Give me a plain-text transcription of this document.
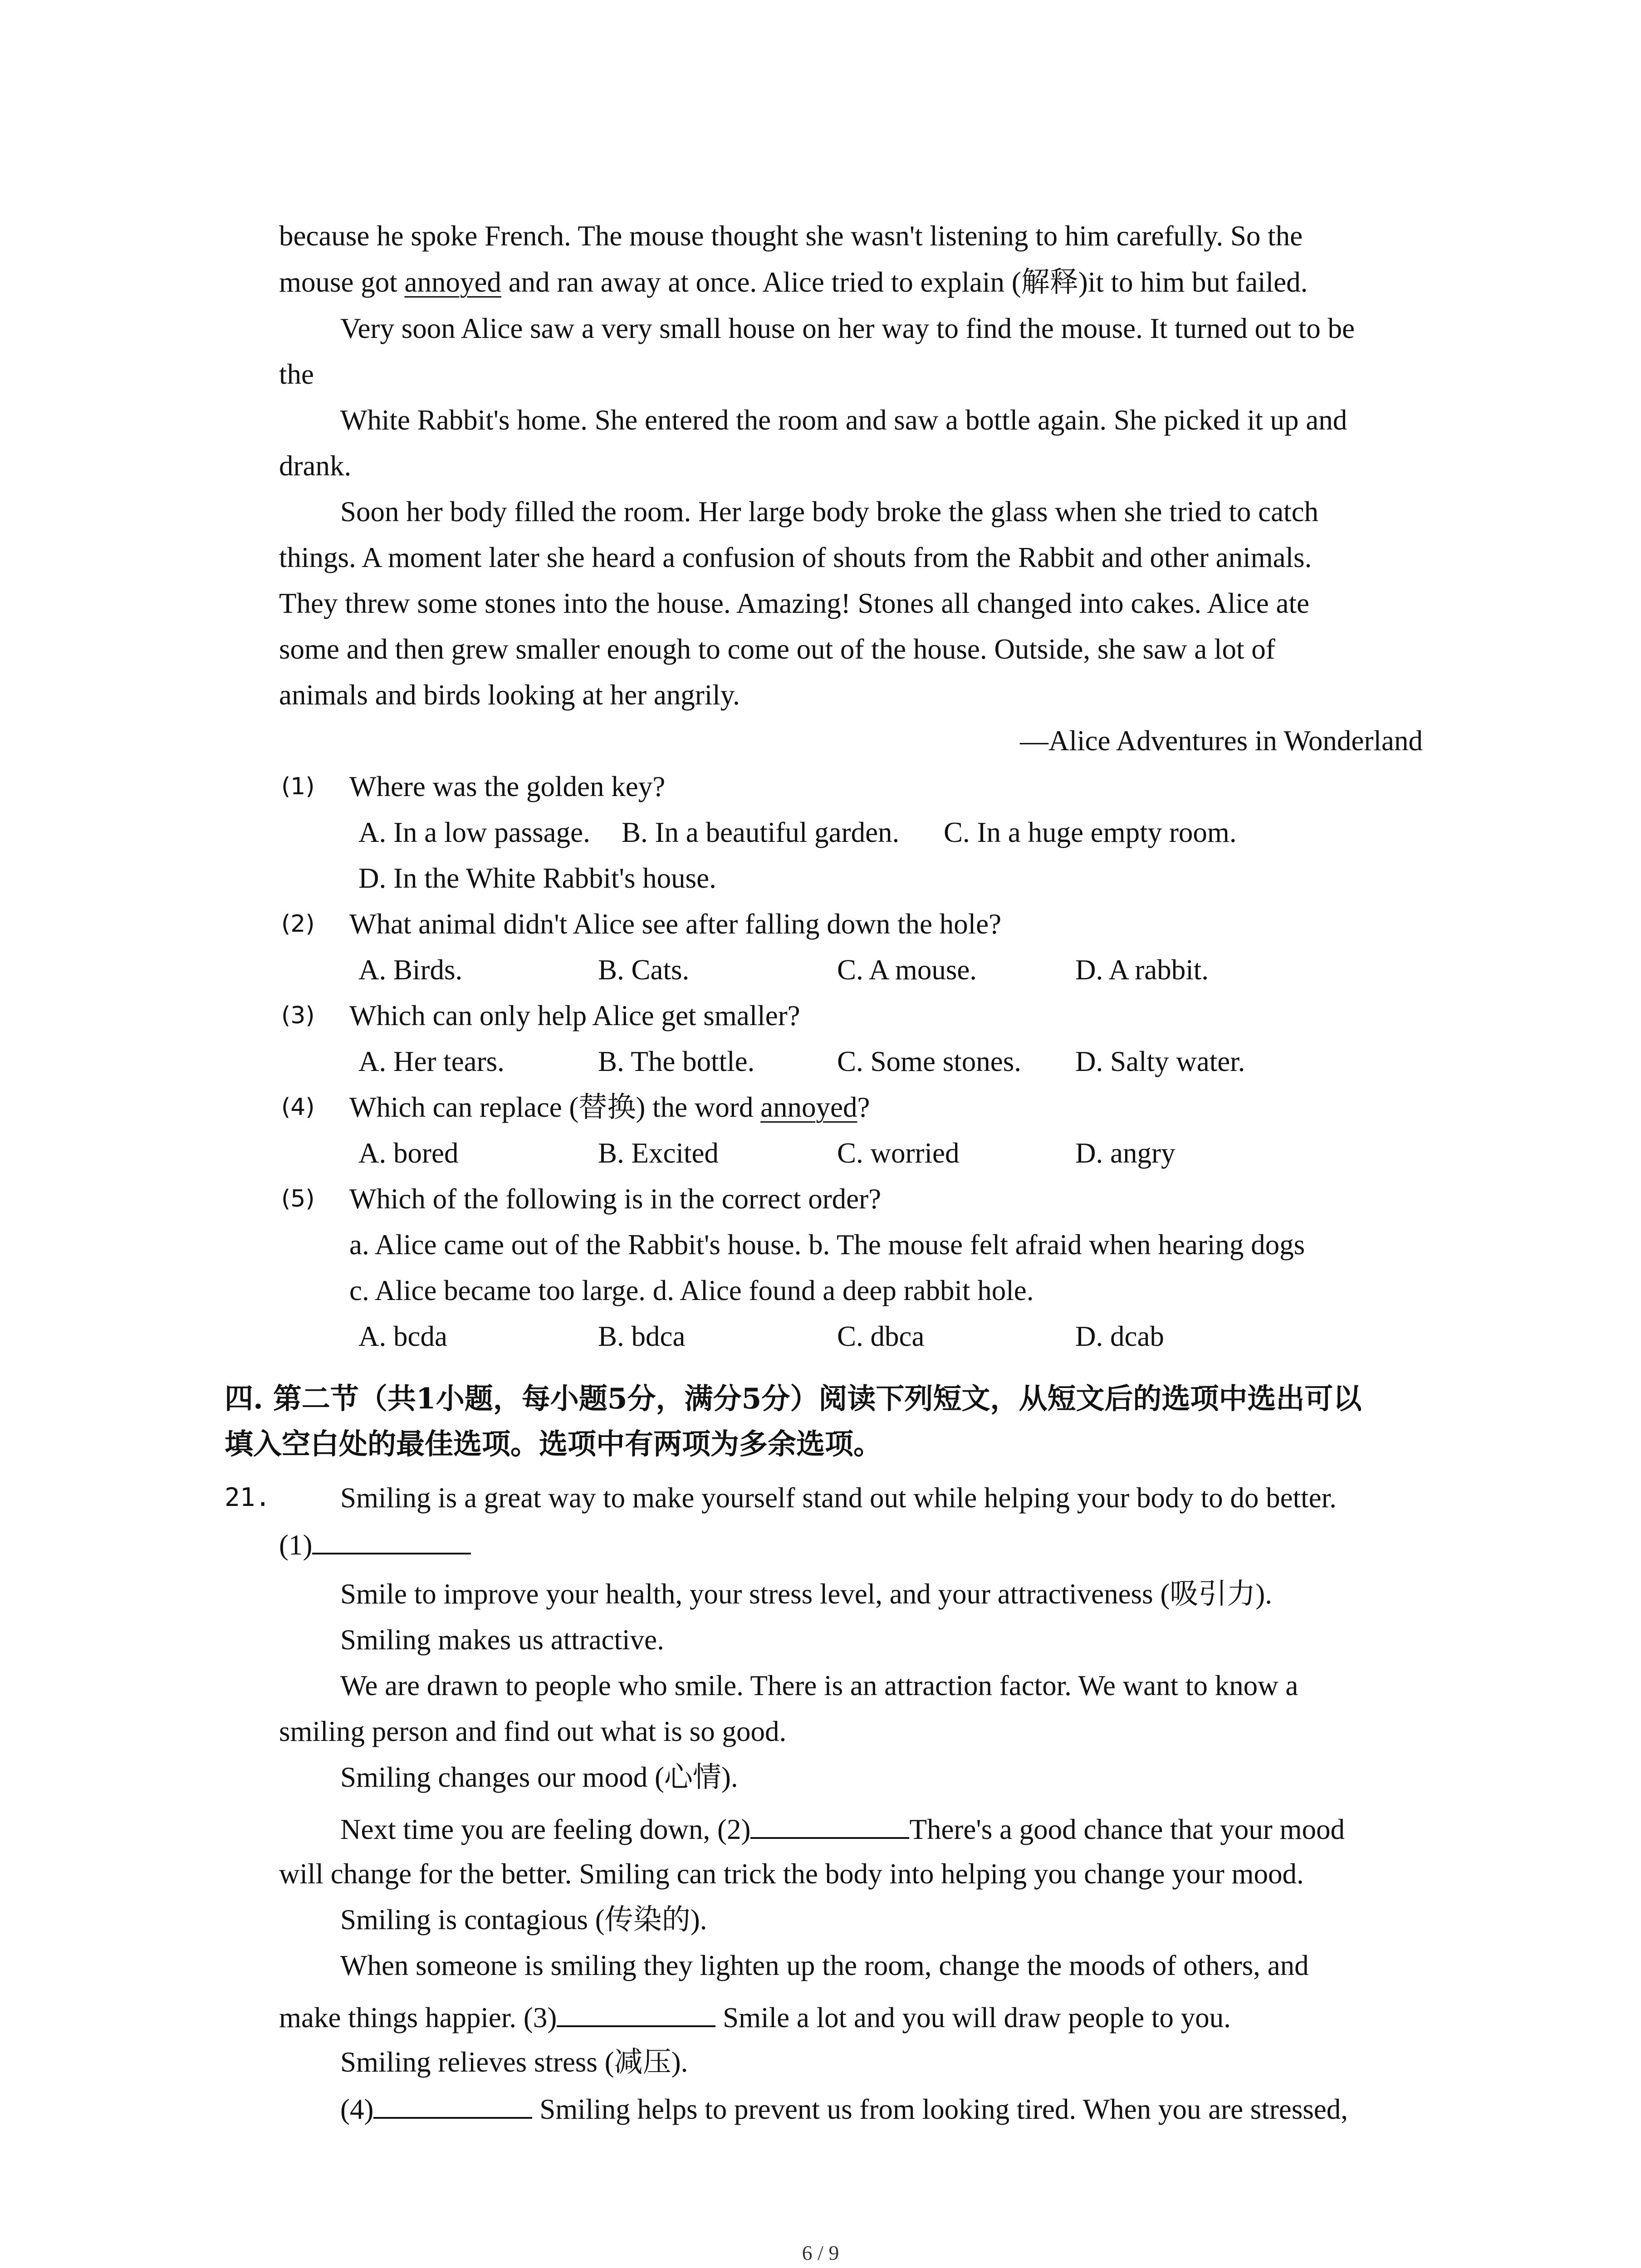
because he spoke French. The mouse thought she wasn't listening to him carefully. So the
mouse got annoyed and ran away at once. Alice tried to explain (解释)it to him but failed.
Very soon Alice saw a very small house on her way to find the mouse. It turned out to be
the
White Rabbit's home. She entered the room and saw a bottle again. She picked it up and
drank.
Soon her body filled the room. Her large body broke the glass when she tried to catch
things. A moment later she heard a confusion of shouts from the Rabbit and other animals.
They threw some stones into the house. Amazing! Stones all changed into cakes. Alice ate
some and then grew smaller enough to come out of the house. Outside, she saw a lot of
animals and birds looking at her angrily.
—Alice Adventures in Wonderland
(1) Where was the golden key?
A. In a low passage. B. In a beautiful garden. C. In a huge empty room.
D. In the White Rabbit's house.
(2) What animal didn't Alice see after falling down the hole?
A. Birds.	B. Cats.	C. A mouse.	D. A rabbit.
(3) Which can only help Alice get smaller?
A. Her tears.	B. The bottle.	C. Some stones. D. Salty water.
(4) Which can replace (替换) the word annoyed?
A. bored	B. Excited	C. worried	D. angry
(5) Which of the following is in the correct order?
a. Alice came out of the Rabbit's house. b. The mouse felt afraid when hearing dogs
c. Alice became too large. d. Alice found a deep rabbit hole.
A. bcda	B. bdca	C. dbca	D. dcab
四. 第二节（共1小题，每小题5分，满分5分）阅读下列短文，从短文后的选项中选出可以
填入空白处的最佳选项。选项中有两项为多余选项。
21. Smiling is a great way to make yourself stand out while helping your body to do better.
(1)
Smile to improve your health, your stress level, and your attractiveness (吸引力).
Smiling makes us attractive.
We are drawn to people who smile. There is an attraction factor. We want to know a
smiling person and find out what is so good.
Smiling changes our mood (心情).
Next time you are feeling down, (2)	There's a good chance that your mood
will change for the better. Smiling can trick the body into helping you change your mood.
Smiling is contagious (传染的).
When someone is smiling they lighten up the room, change the moods of others, and
make things happier. (3)	Smile a lot and you will draw people to you.
Smiling relieves stress (减压).
(4)	Smiling helps to prevent us from looking tired. When you are stressed,
6 / 9
